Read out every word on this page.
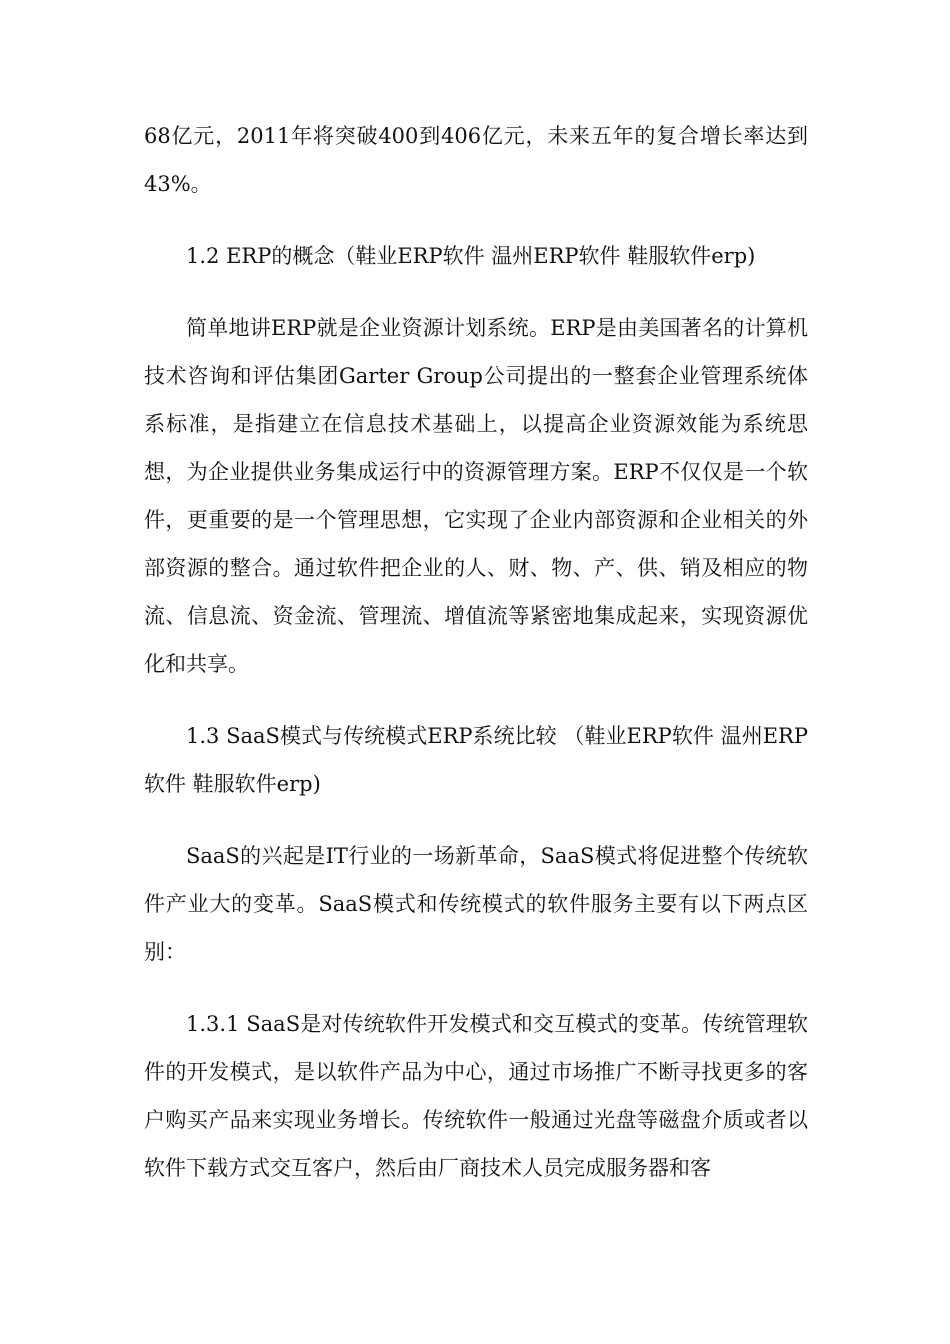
68亿元，2011年将突破400到406亿元，未来五年的复合增长率达到43%。

1.2 ERP的概念（鞋业ERP软件 温州ERP软件 鞋服软件erp)

简单地讲ERP就是企业资源计划系统。ERP是由美国著名的计算机技术咨询和评估集团Garter Group公司提出的一整套企业管理系统体系标准，是指建立在信息技术基础上，以提高企业资源效能为系统思想，为企业提供业务集成运行中的资源管理方案。ERP不仅仅是一个软件，更重要的是一个管理思想，它实现了企业内部资源和企业相关的外部资源的整合。通过软件把企业的人、财、物、产、供、销及相应的物流、信息流、资金流、管理流、增值流等紧密地集成起来，实现资源优化和共享。

1.3 SaaS模式与传统模式ERP系统比较 （鞋业ERP软件 温州ERP软件 鞋服软件erp)

SaaS的兴起是IT行业的一场新革命，SaaS模式将促进整个传统软件产业大的变革。SaaS模式和传统模式的软件服务主要有以下两点区别：

1.3.1 SaaS是对传统软件开发模式和交互模式的变革。传统管理软件的开发模式，是以软件产品为中心，通过市场推广不断寻找更多的客户购买产品来实现业务增长。传统软件一般通过光盘等磁盘介质或者以软件下载方式交互客户，然后由厂商技术人员完成服务器和客
